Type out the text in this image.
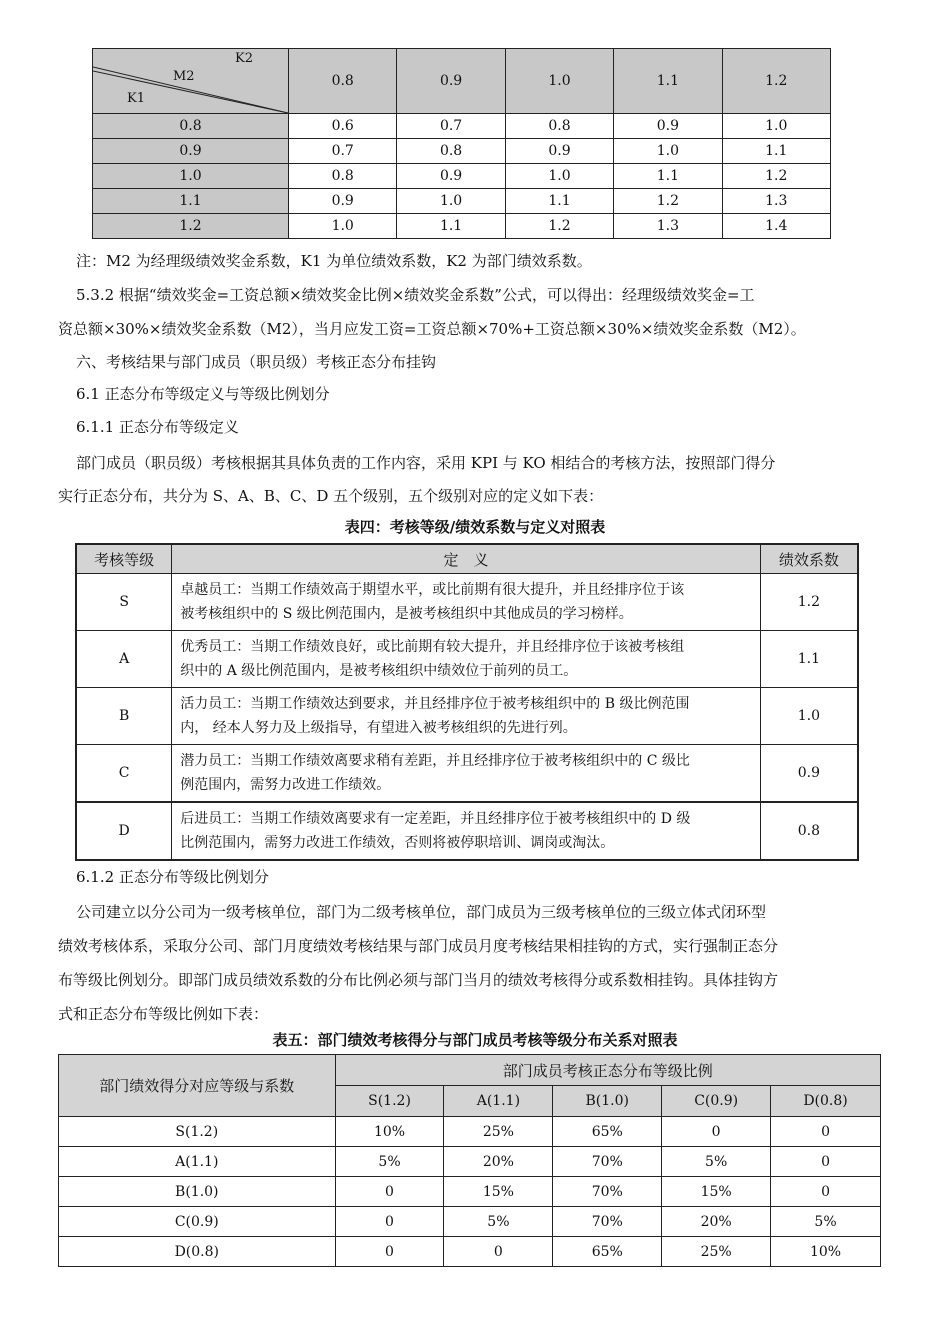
K2
M2
K1	0.8	0.9	1.0	1.1	1.2
0.8	0.6	0.7	0.8	0.9	1.0
0.9	0.7	0.8	0.9	1.0	1.1
1.0	0.8	0.9	1.0	1.1	1.2
1.1	0.9	1.0	1.1	1.2	1.3
1.2	1.0	1.1	1.2	1.3	1.4
注：M2 为经理级绩效奖金系数，K1 为单位绩效系数，K2 为部门绩效系数。
5.3.2 根据“绩效奖金=工资总额×绩效奖金比例×绩效奖金系数”公式，可以得出：经理级绩效奖金=工
资总额×30%×绩效奖金系数（M2），当月应发工资=工资总额×70%+工资总额×30%×绩效奖金系数（M2）。
六、考核结果与部门成员（职员级）考核正态分布挂钩
6.1 正态分布等级定义与等级比例划分
6.1.1 正态分布等级定义
部门成员（职员级）考核根据其具体负责的工作内容，采用 KPI 与 KO 相结合的考核方法，按照部门得分
实行正态分布，共分为 S、A、B、C、D 五个级别，五个级别对应的定义如下表：
表四：考核等级/绩效系数与定义对照表
考核等级	定　义	绩效系数
S	卓越员工：当期工作绩效高于期望水平，或比前期有很大提升，并且经排序位于该
被考核组织中的 S 级比例范围内，是被考核组织中其他成员的学习榜样。	1.2
A	优秀员工：当期工作绩效良好，或比前期有较大提升，并且经排序位于该被考核组
织中的 A 级比例范围内，是被考核组织中绩效位于前列的员工。	1.1
B	活力员工：当期工作绩效达到要求，并且经排序位于被考核组织中的 B 级比例范围
内， 经本人努力及上级指导，有望进入被考核组织的先进行列。	1.0
C	潜力员工：当期工作绩效离要求稍有差距，并且经排序位于被考核组织中的 C 级比
例范围内，需努力改进工作绩效。	0.9
D	后进员工：当期工作绩效离要求有一定差距，并且经排序位于被考核组织中的 D 级
比例范围内，需努力改进工作绩效，否则将被停职培训、调岗或淘汰。	0.8
6.1.2 正态分布等级比例划分
公司建立以分公司为一级考核单位，部门为二级考核单位，部门成员为三级考核单位的三级立体式闭环型
绩效考核体系，采取分公司、部门月度绩效考核结果与部门成员月度考核结果相挂钩的方式，实行强制正态分
布等级比例划分。即部门成员绩效系数的分布比例必须与部门当月的绩效考核得分或系数相挂钩。具体挂钩方
式和正态分布等级比例如下表：
表五：部门绩效考核得分与部门成员考核等级分布关系对照表
部门绩效得分对应等级与系数	部门成员考核正态分布等级比例				
	S(1.2)	A(1.1)	B(1.0)	C(0.9)	D(0.8)
S(1.2)	10%	25%	65%	0	0
A(1.1)	5%	20%	70%	5%	0
B(1.0)	0	15%	70%	15%	0
C(0.9)	0	5%	70%	20%	5%
D(0.8)	0	0	65%	25%	10%
